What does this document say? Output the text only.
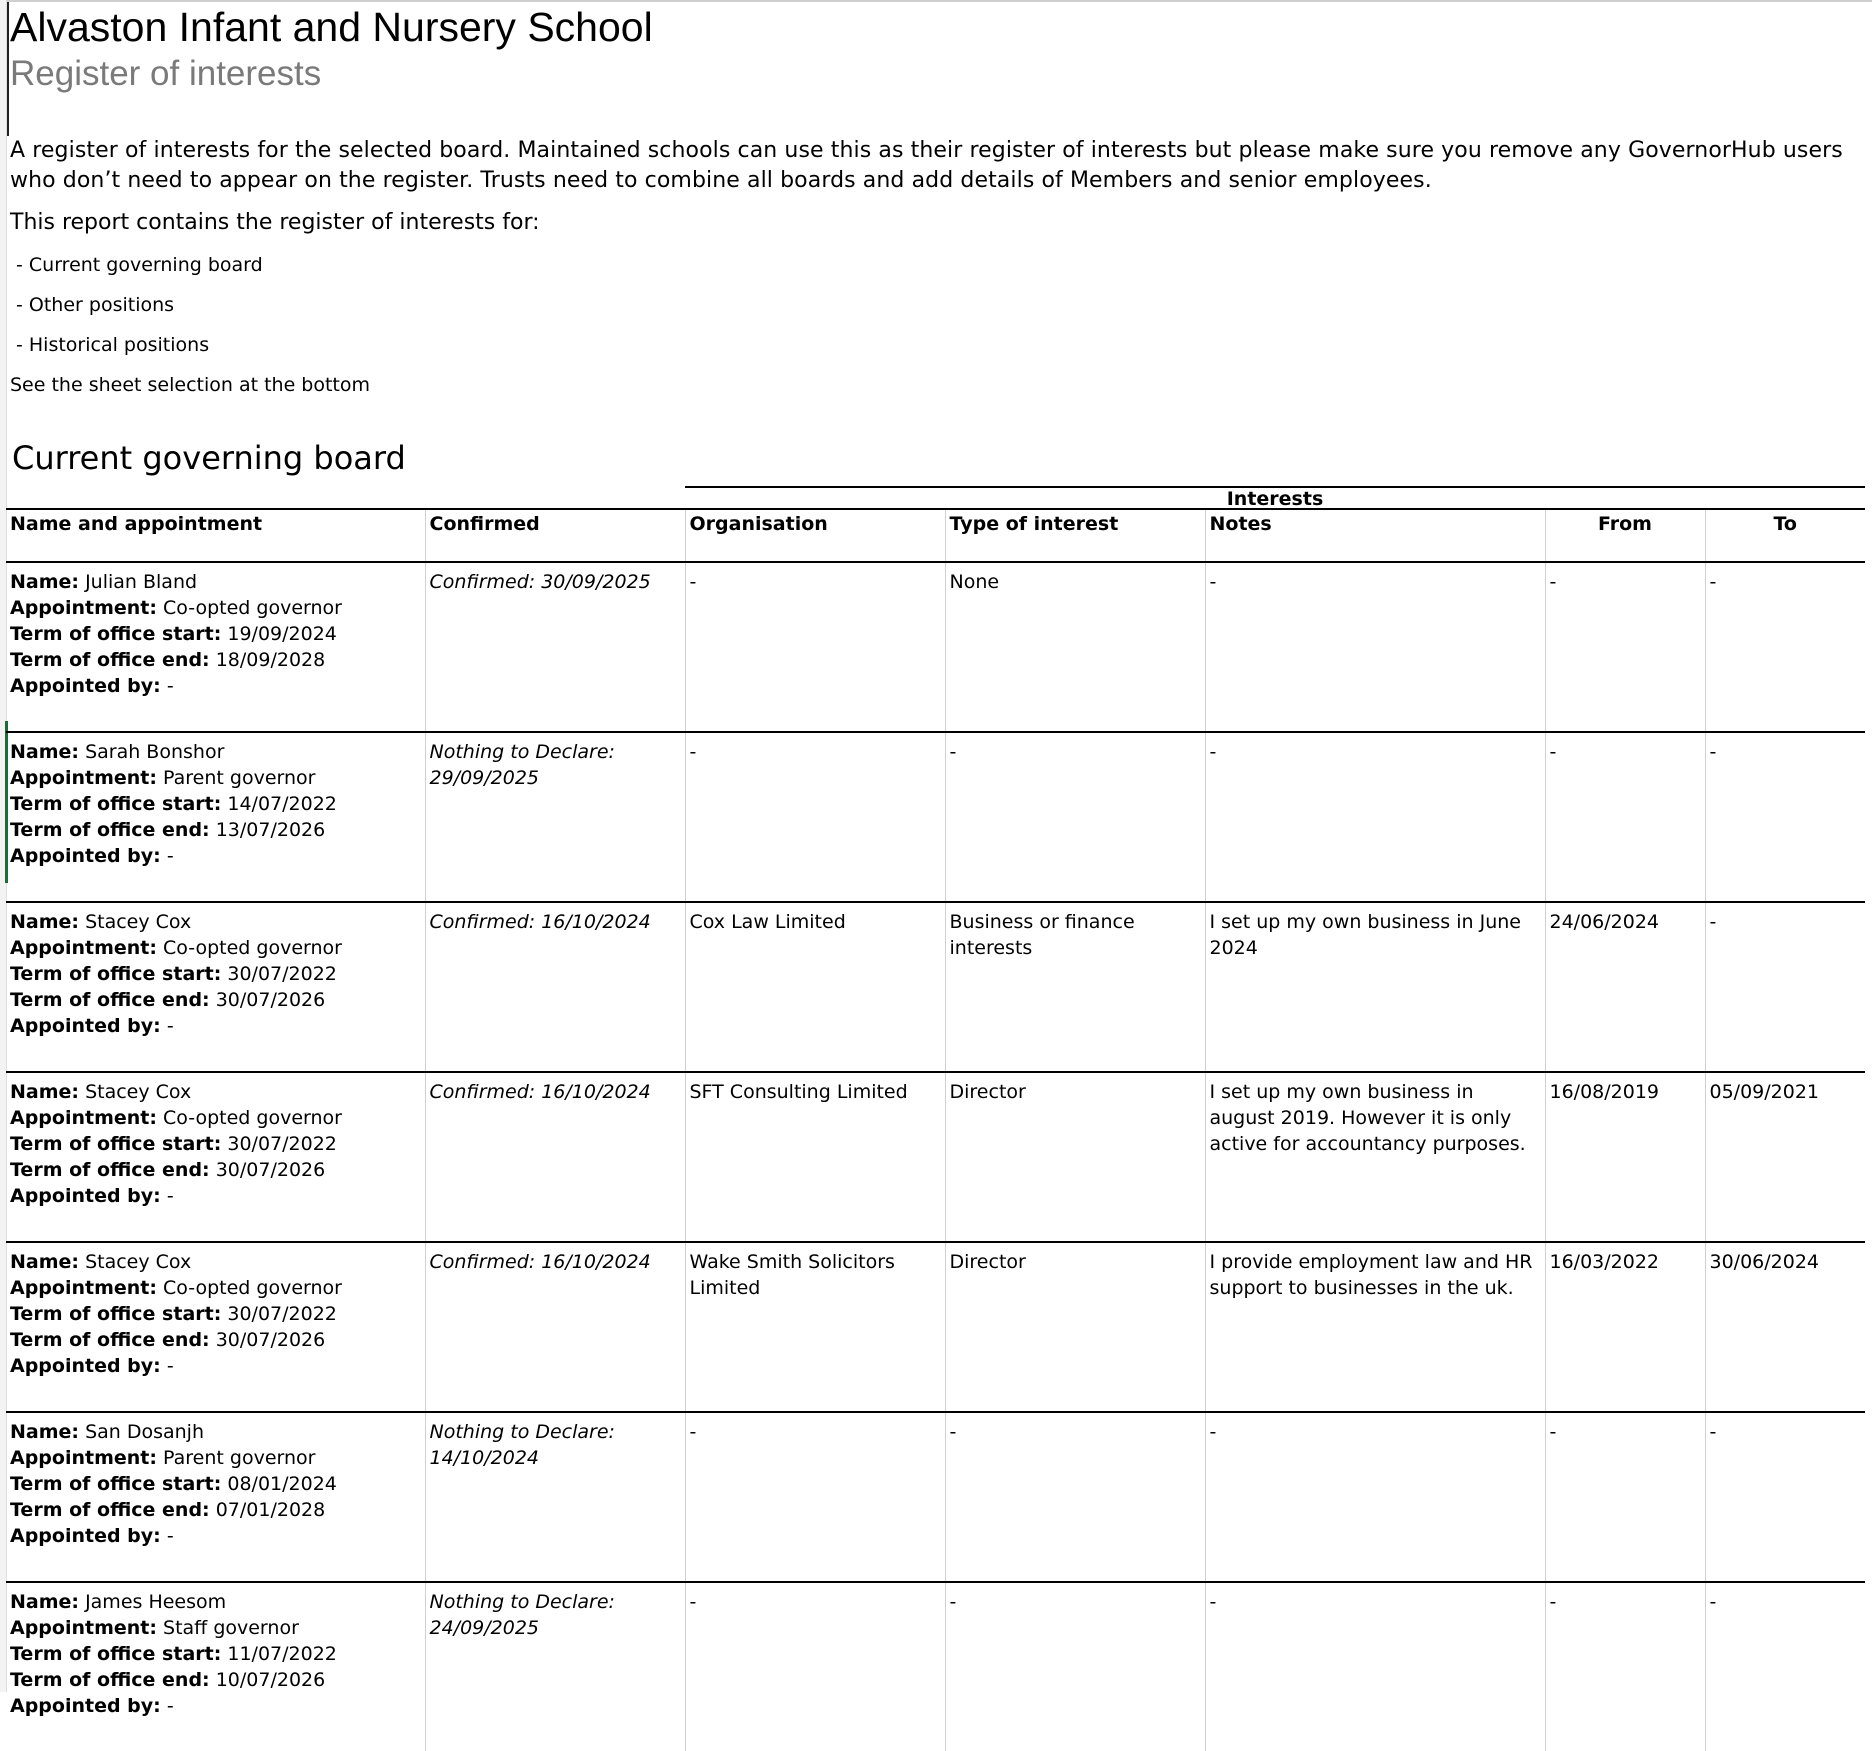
Alvaston Infant and Nursery School
Register of interests

A register of interests for the selected board. Maintained schools can use this as their register of interests but please make sure you remove any GovernorHub users who don’t need to appear on the register. Trusts need to combine all boards and add details of Members and senior employees.

This report contains the register of interests for:
- Current governing board
- Other positions
- Historical positions
See the sheet selection at the bottom
Current governing board
Interests
Name and appointment	Confirmed	Organisation	Type of interest	Notes	From	To

Name: Julian Bland
Appointment: Co-opted governor
Term of office start: 19/09/2024
Term of office end: 18/09/2028
Appointed by: -	Confirmed: 30/09/2025	-	None	-	-	-

Name: Sarah Bonshor
Appointment: Parent governor
Term of office start: 14/07/2022
Term of office end: 13/07/2026
Appointed by: -	Nothing to Declare: 29/09/2025	-	-	-	-	-

Name: Stacey Cox
Appointment: Co-opted governor
Term of office start: 30/07/2022
Term of office end: 30/07/2026
Appointed by: -	Confirmed: 16/10/2024	Cox Law Limited	Business or finance interests	I set up my own business in June 2024	24/06/2024	-

Name: Stacey Cox
Appointment: Co-opted governor
Term of office start: 30/07/2022
Term of office end: 30/07/2026
Appointed by: -	Confirmed: 16/10/2024	SFT Consulting Limited	Director	I set up my own business in august 2019. However it is only active for accountancy purposes.	16/08/2019	05/09/2021

Name: Stacey Cox
Appointment: Co-opted governor
Term of office start: 30/07/2022
Term of office end: 30/07/2026
Appointed by: -	Confirmed: 16/10/2024	Wake Smith Solicitors Limited	Director	I provide employment law and HR support to businesses in the uk.	16/03/2022	30/06/2024

Name: San Dosanjh
Appointment: Parent governor
Term of office start: 08/01/2024
Term of office end: 07/01/2028
Appointed by: -	Nothing to Declare: 14/10/2024	-	-	-	-	-

Name: James Heesom
Appointment: Staff governor
Term of office start: 11/07/2022
Term of office end: 10/07/2026
Appointed by: -	Nothing to Declare: 24/09/2025	-	-	-	-	-
